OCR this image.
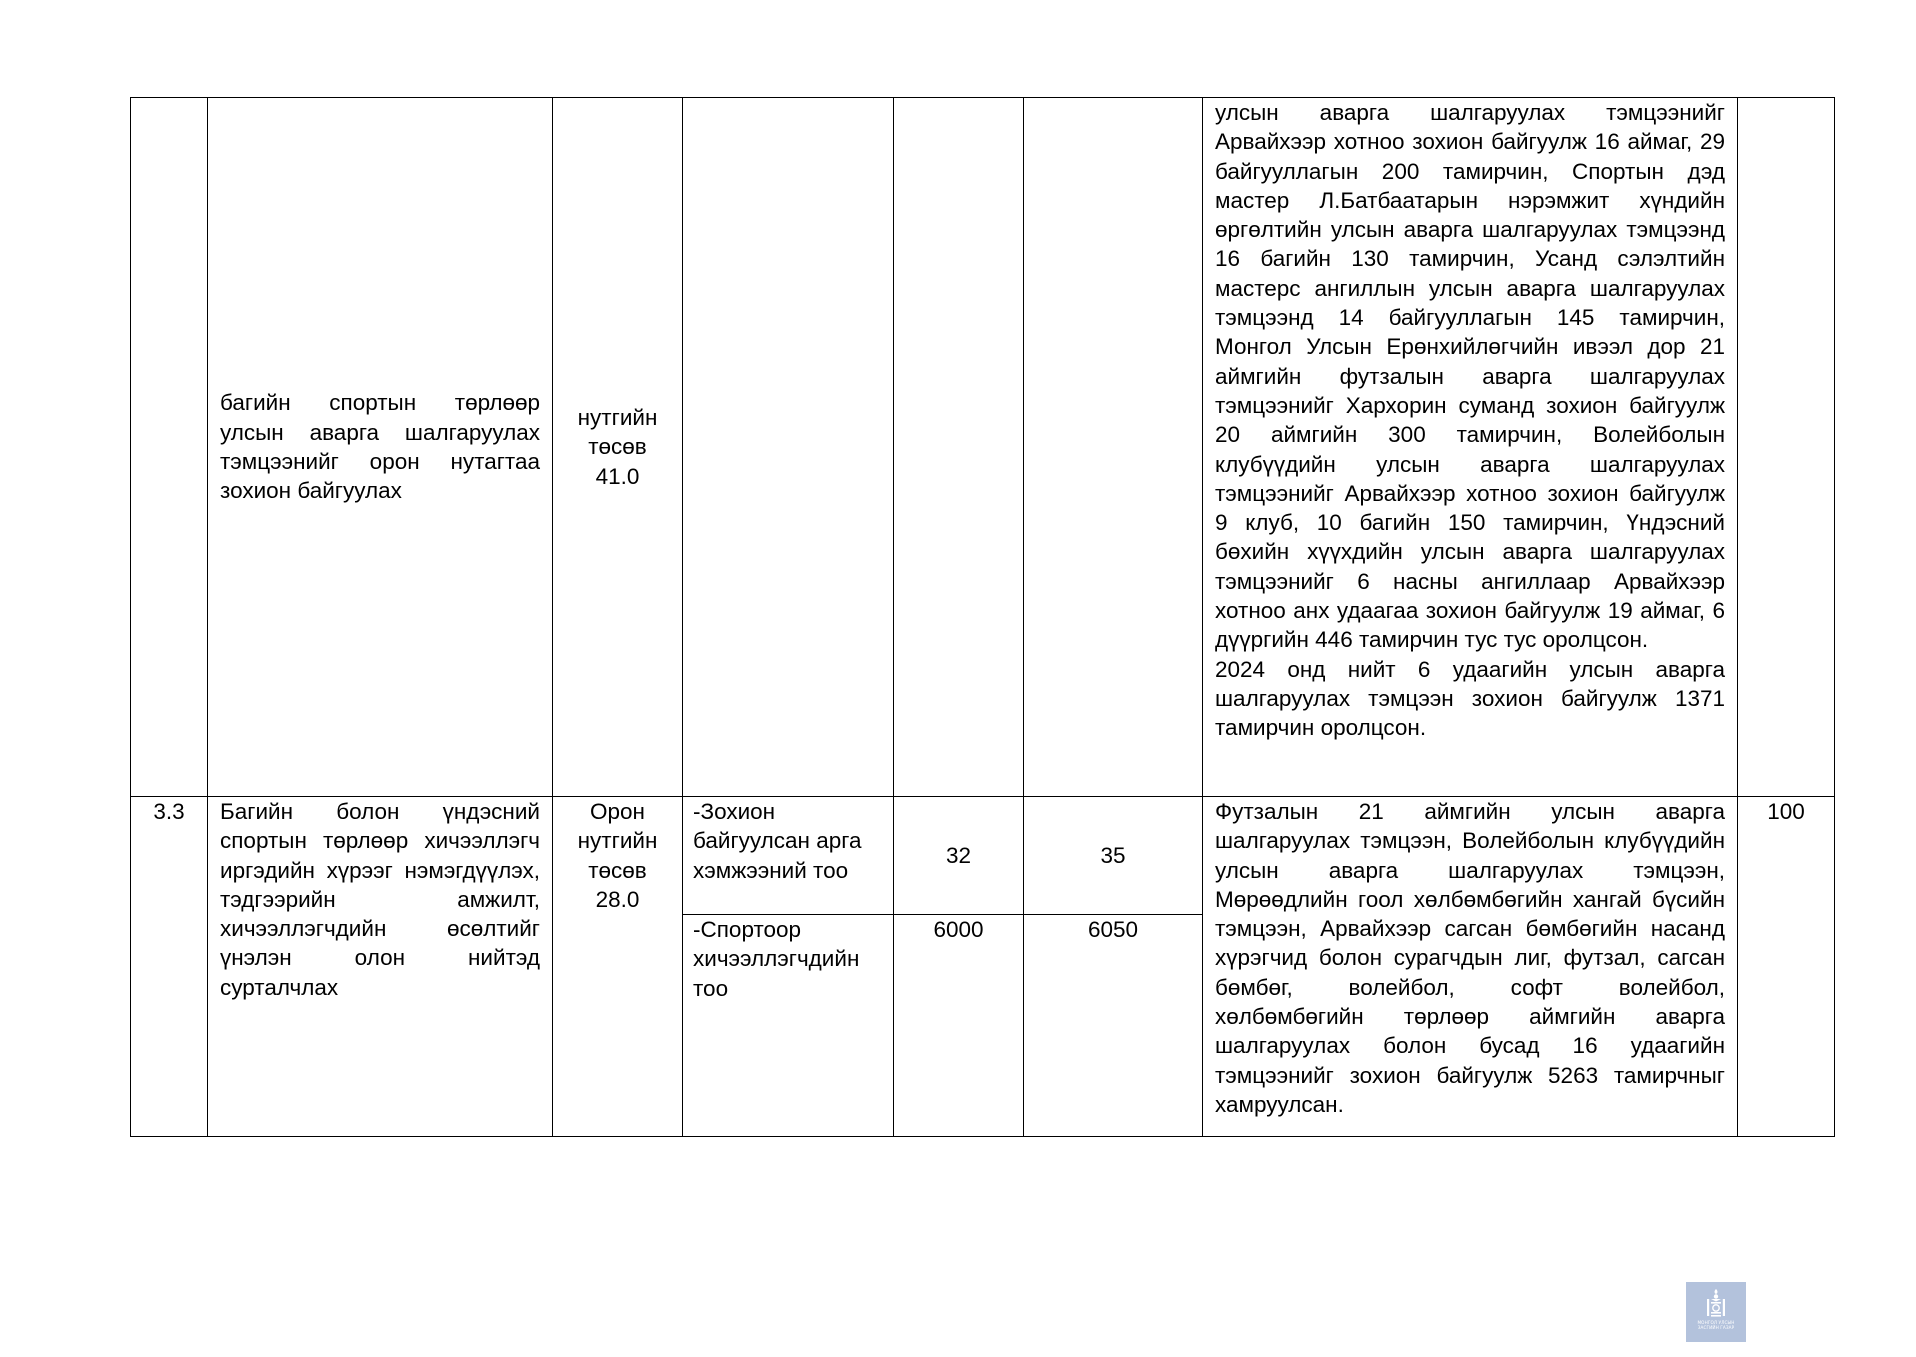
	багийн спортын төрлөөр улсын аварга шалгаруулах тэмцээнийг орон нутагтаа зохион байгуулах	нутгийн төсөв 41.0				улсын аварга шалгаруулах тэмцээнийг Арвайхээр хотноо зохион байгуулж 16 аймаг, 29 байгууллагын 200 тамирчин, Спортын дэд мастер Л.Батбаатарын нэрэмжит хүндийн өргөлтийн улсын аварга шалгаруулах тэмцээнд 16 багийн 130 тамирчин, Усанд сэлэлтийн мастерс ангиллын улсын аварга шалгаруулах тэмцээнд 14 байгууллагын 145 тамирчин, Монгол Улсын Ерөнхийлөгчийн ивээл дор 21 аймгийн футзалын аварга шалгаруулах тэмцээнийг Хархорин суманд зохион байгуулж 20 аймгийн 300 тамирчин, Волейболын клубүүдийн улсын аварга шалгаруулах тэмцээнийг Арвайхээр хотноо зохион байгуулж 9 клуб, 10 багийн 150 тамирчин, Үндэсний бөхийн хүүхдийн улсын аварга шалгаруулах тэмцээнийг 6 насны ангиллаар Арвайхээр хотноо анх удаагаа зохион байгуулж 19 аймаг, 6 дүүргийн 446 тамирчин тус тус оролцсон.

2024 онд нийт 6 удаагийн улсын аварга шалгаруулах тэмцээн зохион байгуулж 1371 тамирчин оролцсон.	

3.3	Багийн болон үндэсний спортын төрлөөр хичээллэгч иргэдийн хүрээг нэмэгдүүлэх, тэдгээрийн амжилт, хичээллэгчдийн өсөлтийг үнэлэн олон нийтэд сурталчлах	Орон нутгийн төсөв 28.0	-Зохион байгуулсан арга хэмжээний тоо	32	35	Футзалын 21 аймгийн улсын аварга шалгаруулах тэмцээн, Волейболын клубүүдийн улсын аварга шалгаруулах тэмцээн, Мөрөөдлийн гоол хөлбөмбөгийн хангай бүсийн тэмцээн, Арвайхээр сагсан бөмбөгийн насанд хүрэгчид болон сурагчдын лиг, футзал, сагсан бөмбөг, волейбол, софт волейбол, хөлбөмбөгийн төрлөөр аймгийн аварга шалгаруулах болон бусад 16 удаагийн тэмцээнийг зохион байгуулж 5263 тамирчныг хамруулсан.	100

			-Спортоор хичээллэгчдийн тоо	6000	6050		
МОНГОЛ УЛСЫН
ЗАСГИЙН ГАЗАР
